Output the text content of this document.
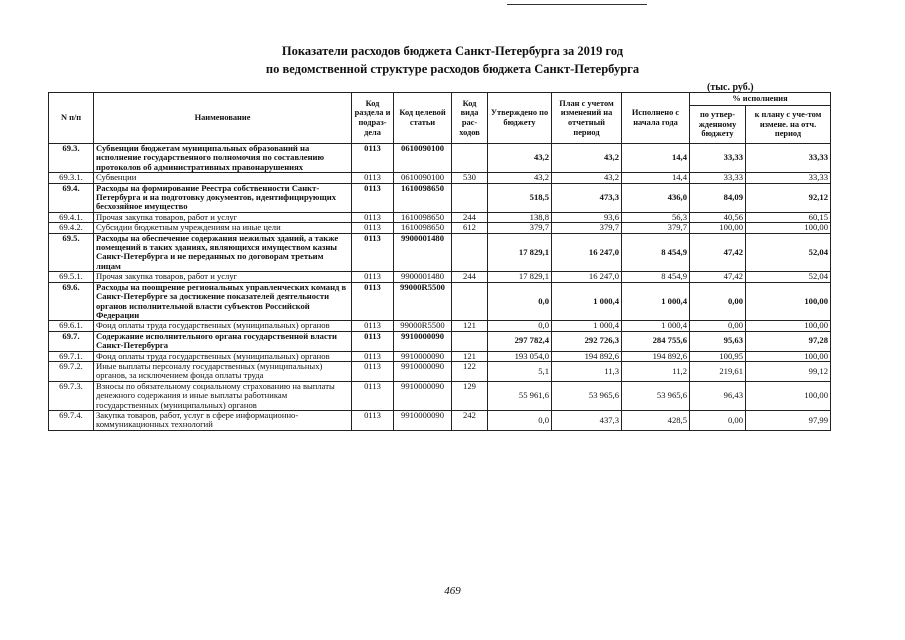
Показатели расходов бюджета Санкт-Петербурга за 2019 год
по ведомственной структуре расходов бюджета Санкт-Петербурга
(тыс. руб.)
N п/п	Наименование	Код раздела и подраз-дела	Код целевой статьи	Код вида рас-ходов	Утверждено по бюджету	План с учетом изменений на отчетный период	Исполнено с начала года	% исполнения	
								по утвер-жденному бюджету	к плану с уче-том измене. на отч. период
69.3.	Субвенции бюджетам муниципальных образований на исполнение государственного полномочия по составлению протоколов об административных правонарушениях	0113	0610090100		43,2	43,2	14,4	33,33	33,33
69.3.1.	Субвенции	0113	0610090100	530	43,2	43,2	14,4	33,33	33,33
69.4.	Расходы на формирование Реестра собственности Санкт-Петербурга и на подготовку документов, идентифицирующих бесхозяйное имущество	0113	1610098650		518,5	473,3	436,0	84,09	92,12
69.4.1.	Прочая закупка товаров, работ и услуг	0113	1610098650	244	138,8	93,6	56,3	40,56	60,15
69.4.2.	Субсидии бюджетным учреждениям на иные цели	0113	1610098650	612	379,7	379,7	379,7	100,00	100,00
69.5.	Расходы на обеспечение содержания нежилых зданий, а также помещений в таких зданиях, являющихся имуществом казны Санкт-Петербурга и не переданных по договорам третьим лицам	0113	9900001480		17 829,1	16 247,0	8 454,9	47,42	52,04
69.5.1.	Прочая закупка товаров, работ и услуг	0113	9900001480	244	17 829,1	16 247,0	8 454,9	47,42	52,04
69.6.	Расходы на поощрение региональных управленческих команд в Санкт-Петербурге за достижение показателей деятельности органов исполнительной власти субъектов Российской Федерации	0113	99000R5500		0,0	1 000,4	1 000,4	0,00	100,00
69.6.1.	Фонд оплаты труда государственных (муниципальных) органов	0113	99000R5500	121	0,0	1 000,4	1 000,4	0,00	100,00
69.7.	Содержание исполнительного органа государственной власти Санкт-Петербурга	0113	9910000090		297 782,4	292 726,3	284 755,6	95,63	97,28
69.7.1.	Фонд оплаты труда государственных (муниципальных) органов	0113	9910000090	121	193 054,0	194 892,6	194 892,6	100,95	100,00
69.7.2.	Иные выплаты персоналу государственных (муниципальных) органов, за исключением фонда оплаты труда	0113	9910000090	122	5,1	11,3	11,2	219,61	99,12
69.7.3.	Взносы по обязательному социальному страхованию на выплаты денежного содержания и иные выплаты работникам государственных (муниципальных) органов	0113	9910000090	129	55 961,6	53 965,6	53 965,6	96,43	100,00
69.7.4.	Закупка товаров, работ, услуг в сфере информационно-коммуникационных технологий	0113	9910000090	242	0,0	437,3	428,5	0,00	97,99
469
